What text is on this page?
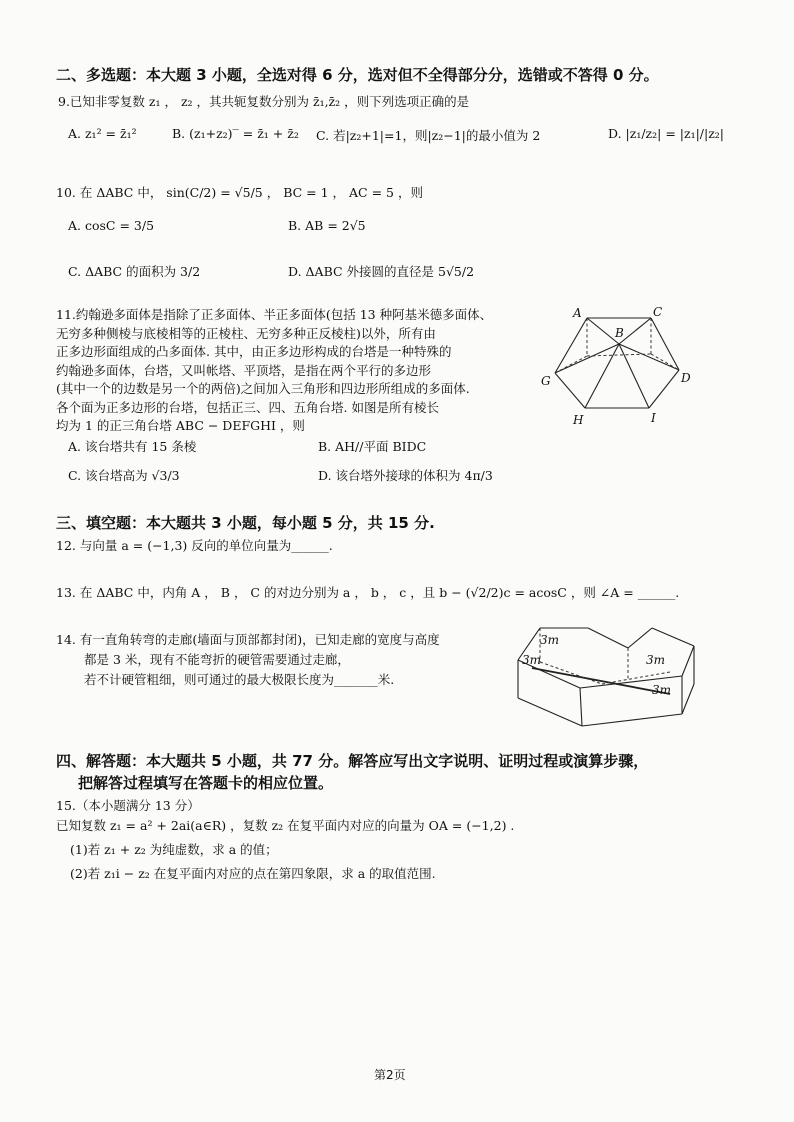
二、多选题：本大题 3 小题，全选对得 6 分，选对但不全得部分分，选错或不答得 0 分。
9.已知非零复数 z₁ ， z₂ ，其共轭复数分别为 z̄₁,z̄₂ ，则下列选项正确的是
A. z₁² = z̄₁²	B. (z₁+z₂)‾ = z̄₁ + z̄₂ C. 若|z₂+1|=1，则|z₂−1|的最小值为 2	D. |z₁/z₂| = |z₁|/|z₂|
10. 在 ΔABC 中， sin(C/2) = √5/5 ， BC = 1 ， AC = 5 ，则
A. cosC = 3/5	B. AB = 2√5
C. ΔABC 的面积为 3/2	D. ΔABC 外接圆的直径是 5√5/2
11.约翰逊多面体是指除了正多面体、半正多面体(包括 13 种阿基米德多面体、
无穷多种侧棱与底棱相等的正棱柱、无穷多种正反棱柱)以外，所有由
正多边形面组成的凸多面体. 其中，由正多边形构成的台塔是一种特殊的
约翰逊多面体，台塔，又叫帐塔、平顶塔，是指在两个平行的多边形
(其中一个的边数是另一个的两倍)之间加入三角形和四边形所组成的多面体.
各个面为正多边形的台塔，包括正三、四、五角台塔. 如图是所有棱长
均为 1 的正三角台塔 ABC − DEFGHI ，则
A. 该台塔共有 15 条棱	B. AH//平面 BIDC
C. 该台塔高为 √3/3	D. 该台塔外接球的体积为 4π/3
A
B
C
D
G
H	I
三、填空题：本大题共 3 小题，每小题 5 分，共 15 分.
12. 与向量 a = (−1,3) 反向的单位向量为______.
13. 在 ΔABC 中，内角 A ， B ， C 的对边分别为 a ， b ， c ，且 b − (√2/2)c = acosC ，则 ∠A = ______.
14. 有一直角转弯的走廊(墙面与顶部都封闭)，已知走廊的宽度与高度
都是 3 米，现有不能弯折的硬管需要通过走廊，
若不计硬管粗细，则可通过的最大极限长度为_______米.
3m
3m	3m
3m
四、解答题：本大题共 5 小题，共 77 分。解答应写出文字说明、证明过程或演算步骤，
把解答过程填写在答题卡的相应位置。
15.（本小题满分 13 分）
已知复数 z₁ = a² + 2ai(a∈R) ，复数 z₂ 在复平面内对应的向量为 OA = (−1,2) .
(1)若 z₁ + z₂ 为纯虚数，求 a 的值；
(2)若 z₁i − z₂ 在复平面内对应的点在第四象限，求 a 的取值范围.
第2页
